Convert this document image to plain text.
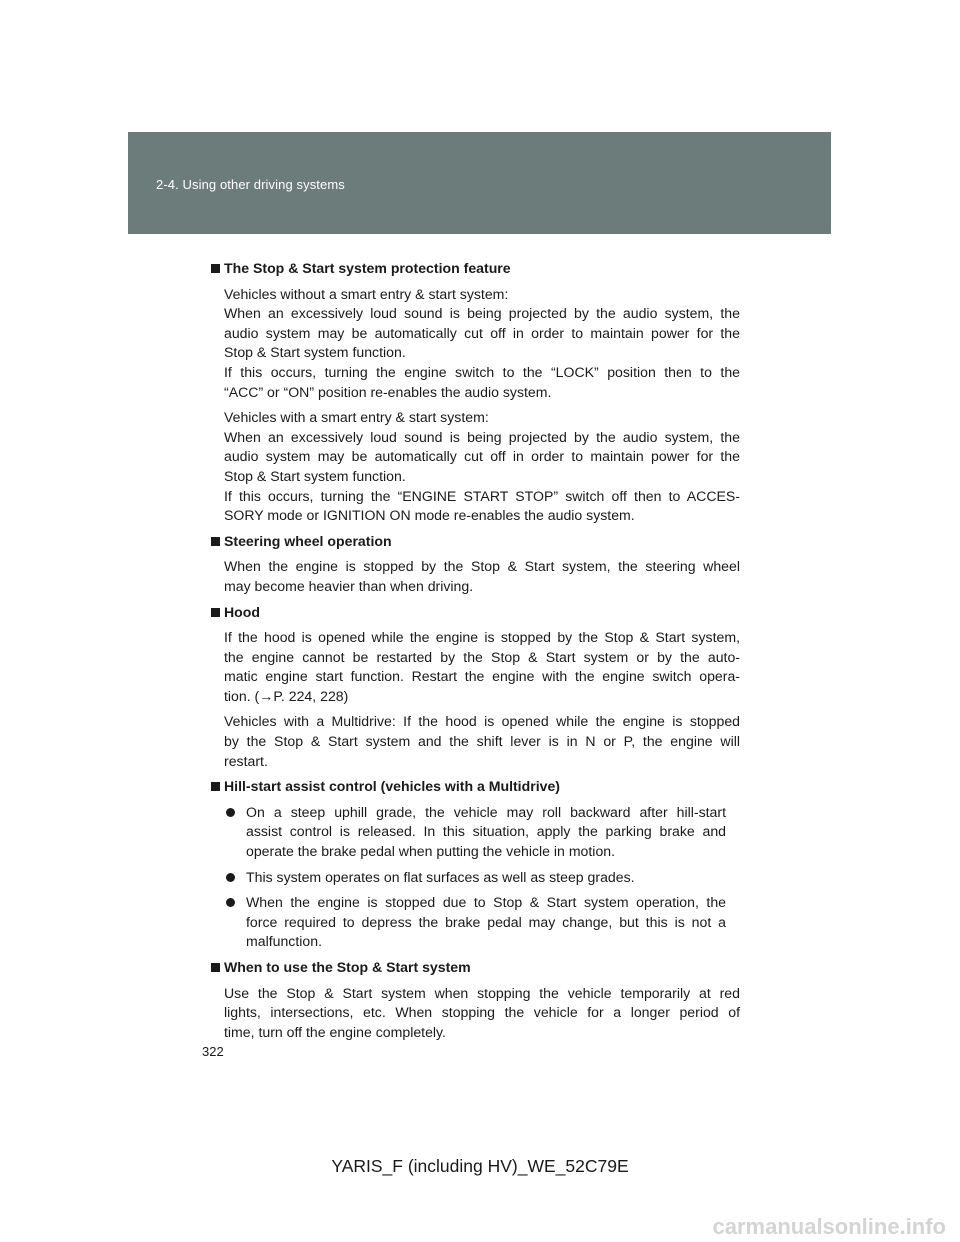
2-4. Using other driving systems
The Stop & Start system protection feature
Vehicles without a smart entry & start system:
When an excessively loud sound is being projected by the audio system, the
audio system may be automatically cut off in order to maintain power for the
Stop & Start system function.
If this occurs, turning the engine switch to the “LOCK” position then to the
“ACC” or “ON” position re-enables the audio system.
Vehicles with a smart entry & start system:
When an excessively loud sound is being projected by the audio system, the
audio system may be automatically cut off in order to maintain power for the
Stop & Start system function.
If this occurs, turning the “ENGINE START STOP” switch off then to ACCES-
SORY mode or IGNITION ON mode re-enables the audio system.
Steering wheel operation
When the engine is stopped by the Stop & Start system, the steering wheel
may become heavier than when driving.
Hood
If the hood is opened while the engine is stopped by the Stop & Start system,
the engine cannot be restarted by the Stop & Start system or by the auto-
matic engine start function. Restart the engine with the engine switch opera-
tion. (→P. 224, 228)
Vehicles with a Multidrive: If the hood is opened while the engine is stopped
by the Stop & Start system and the shift lever is in N or P, the engine will
restart.
Hill-start assist control (vehicles with a Multidrive)
On a steep uphill grade, the vehicle may roll backward after hill-start
assist control is released. In this situation, apply the parking brake and
operate the brake pedal when putting the vehicle in motion.
This system operates on flat surfaces as well as steep grades.
When the engine is stopped due to Stop & Start system operation, the
force required to depress the brake pedal may change, but this is not a
malfunction.
When to use the Stop & Start system
Use the Stop & Start system when stopping the vehicle temporarily at red
lights, intersections, etc. When stopping the vehicle for a longer period of
time, turn off the engine completely.
322
YARIS_F (including HV)_WE_52C79E
carmanualsonline.info
